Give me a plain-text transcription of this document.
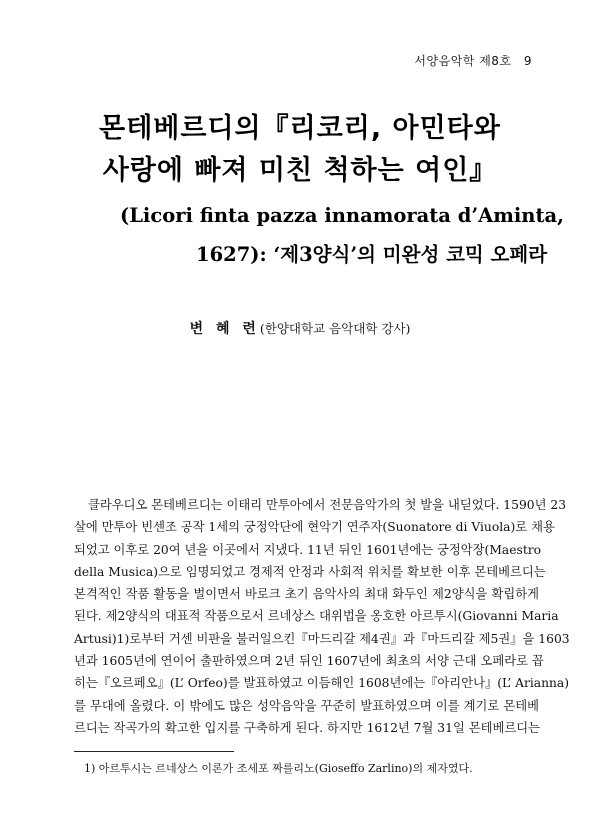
서양음악학 제8호 9
몬테베르디의『리코리, 아민타와
사랑에 빠져 미친 척하는 여인』
(Licori finta pazza innamorata d’Aminta,
1627): ‘제3양식’의 미완성 코믹 오페라
변 혜 련(한양대학교 음악대학 강사)
클라우디오 몬테베르디는 이태리 만투아에서 전문음악가의 첫 발을 내딛었다. 1590년 23
살에 만투아 빈센조 공작 1세의 궁정악단에 현악기 연주자(Suonatore di Viuola)로 채용
되었고 이후로 20여 년을 이곳에서 지냈다. 11년 뒤인 1601년에는 궁정악장(Maestro
della Musica)으로 임명되었고 경제적 안정과 사회적 위치를 확보한 이후 몬테베르디는
본격적인 작품 활동을 벌이면서 바로크 초기 음악사의 최대 화두인 제2양식을 확립하게
된다. 제2양식의 대표적 작품으로서 르네상스 대위법을 옹호한 아르투시(Giovanni Maria
Artusi)1)로부터 거센 비판을 불러일으킨『마드리갈 제4권』과『마드리갈 제5권』을 1603
년과 1605년에 연이어 출판하였으며 2년 뒤인 1607년에 최초의 서양 근대 오페라로 꼽
히는『오르페오』(L’ Orfeo)를 발표하였고 이듬해인 1608년에는『아리안나』(L’ Arianna)
를 무대에 올렸다. 이 밖에도 많은 성악음악을 꾸준히 발표하였으며 이를 계기로 몬테베
르디는 작곡가의 확고한 입지를 구축하게 된다. 하지만 1612년 7월 31일 몬테베르디는
1) 아르투시는 르네상스 이론가 조세포 짜를리노(Gioseffo Zarlino)의 제자였다.
